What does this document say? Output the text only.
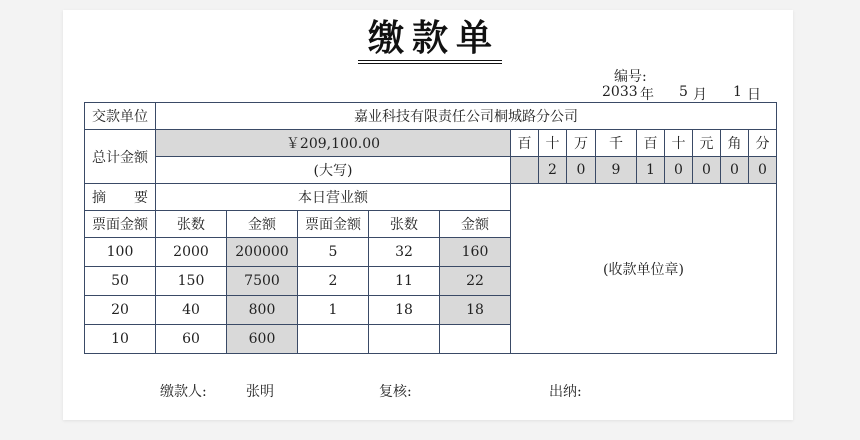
缴款单
编号:
2033 年 5 月 1 日
交款单位	嘉业科技有限责任公司桐城路分公司													
总计金额	￥209,100.00					百	十	万	千	百	十	元	角	分
	(大写)						2	0	9	1	0	0	0	0
摘　　要	本日营业额					(收款单位章)								
票面金额	张数	金额	票面金额	张数	金额									
100	2000	200000	5	32	160									
50	150	7500	2	11	22									
20	40	800	1	18	18									
10	60	600												
缴款人:	张明	复核:	出纳:
